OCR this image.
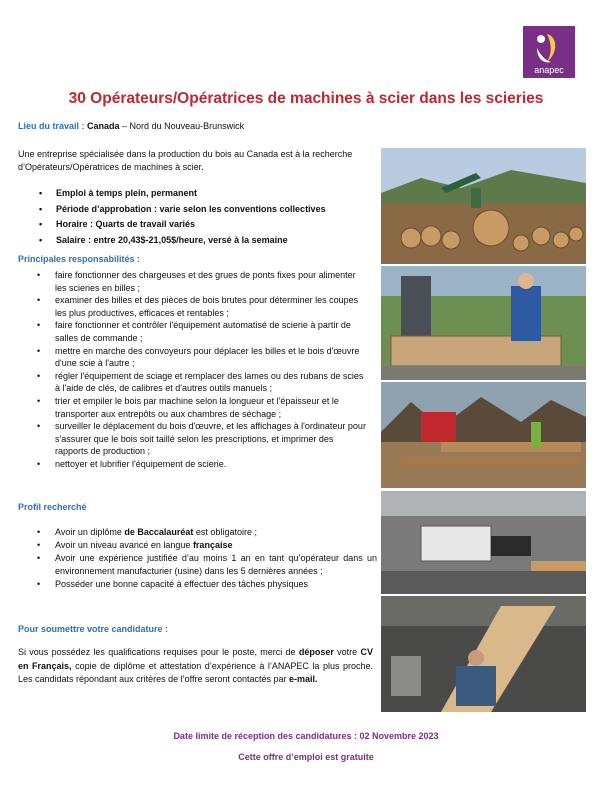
anapec
30 Opérateurs/Opératrices de machines à scier dans les scieries
Lieu du travail : Canada – Nord du Nouveau-Brunswick
Une entreprise spécialisée dans la production du bois au Canada est à la recherche d’Opérateurs/Opératrices de machines à scier.
• Emploi à temps plein, permanent
• Période d’approbation : varie selon les conventions collectives
• Horaire : Quarts de travail variés
• Salaire : entre 20,43$-21,05$/heure, versé à la semaine
Principales responsabilités :
• faire fonctionner des chargeuses et des grues de ponts fixes pour alimenter les scieries en billes ;
• examiner des billes et des pièces de bois brutes pour déterminer les coupes les plus productives, efficaces et rentables ;
• faire fonctionner et contrôler l'équipement automatisé de scierie à partir de salles de commande ;
• mettre en marche des convoyeurs pour déplacer les billes et le bois d'œuvre d'une scie à l'autre ;
• régler l'équipement de sciage et remplacer des lames ou des rubans de scies à l'aide de clés, de calibres et d'autres outils manuels ;
• trier et empiler le bois par machine selon la longueur et l'épaisseur et le transporter aux entrepôts ou aux chambres de séchage ;
• surveiller le déplacement du bois d'œuvre, et les affichages à l'ordinateur pour s'assurer que le bois soit taillé selon les prescriptions, et imprimer des rapports de production ;
• nettoyer et lubrifier l'équipement de scierie.
Profil recherché
• Avoir un diplôme de Baccalauréat est obligatoire ;
• Avoir un niveau avancé en langue française
• Avoir une expérience justifiée d’au moins 1 an en tant qu’opérateur dans un environnement manufacturier (usine) dans les 5 dernières années ;
• Posséder une bonne capacité à effectuer des tâches physiques
Pour soumettre votre candidature :
Si vous possédez les qualifications requises pour le poste, merci de déposer votre CV en Français, copie de diplôme et attestation d’expérience à l’ANAPEC la plus proche. Les candidats répondant aux critères de l’offre seront contactés par e-mail.
Date limite de réception des candidatures : 02 Novembre 2023
Cette offre d’emploi est gratuite
